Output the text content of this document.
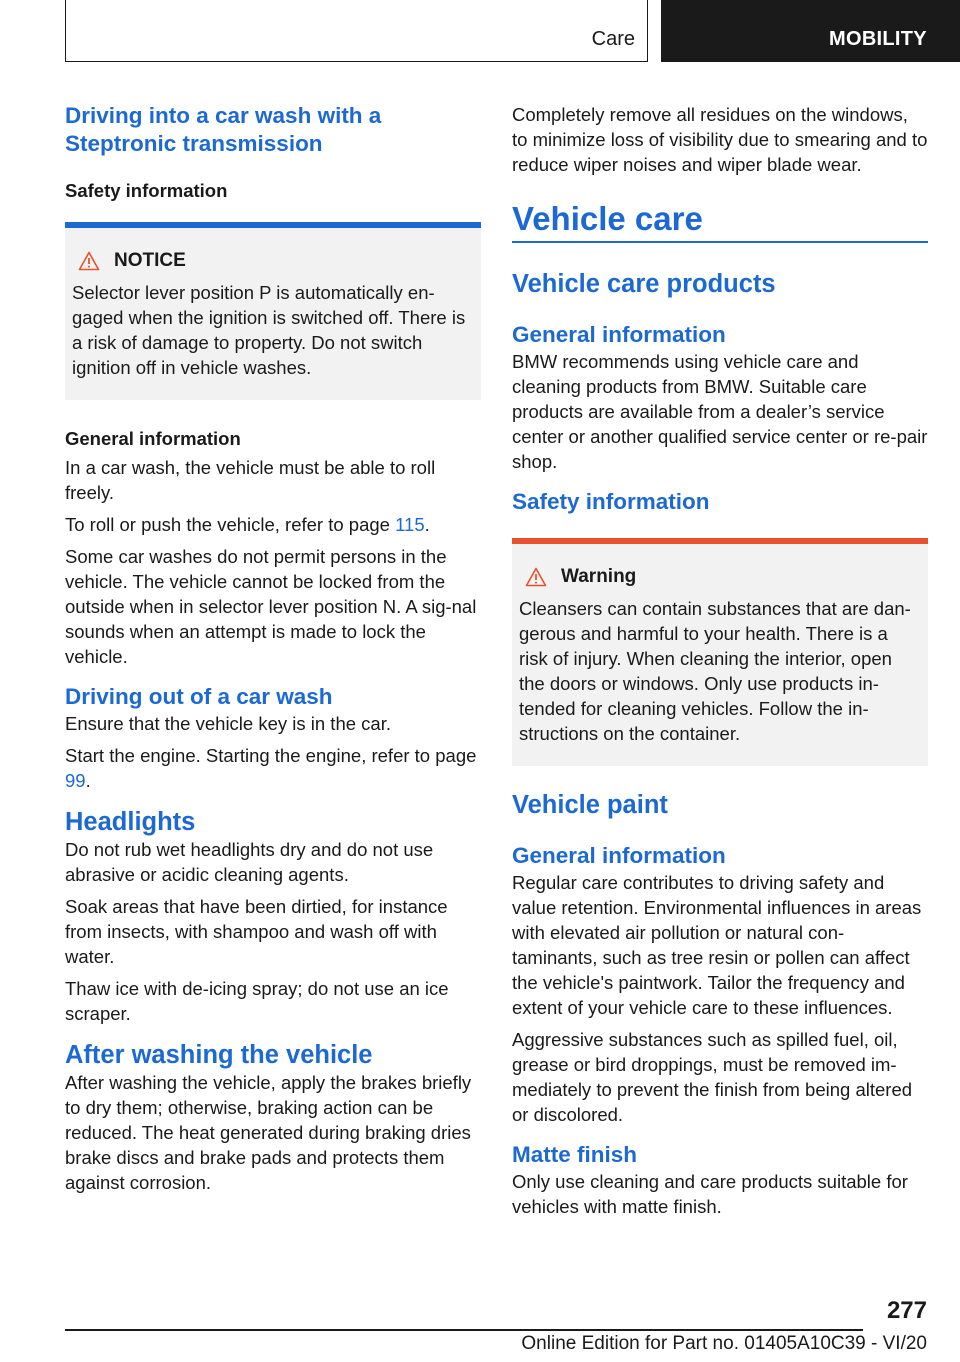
Care	MOBILITY
Driving into a car wash with a Steptronic transmission
Safety information
NOTICE

Selector lever position P is automatically en‐gaged when the ignition is switched off. There is a risk of damage to property. Do not switch ignition off in vehicle washes.

General information

In a car wash, the vehicle must be able to roll freely.

To roll or push the vehicle, refer to page 115.

Some car washes do not permit persons in the vehicle. The vehicle cannot be locked from the outside when in selector lever position N. A sig‐nal sounds when an attempt is made to lock the vehicle.

Driving out of a car wash

Ensure that the vehicle key is in the car.

Start the engine. Starting the engine, refer to page 99.

Headlights

Do not rub wet headlights dry and do not use abrasive or acidic cleaning agents.

Soak areas that have been dirtied, for instance from insects, with shampoo and wash off with water.

Thaw ice with de-icing spray; do not use an ice scraper.

After washing the vehicle

After washing the vehicle, apply the brakes briefly to dry them; otherwise, braking action can be reduced. The heat generated during braking dries brake discs and brake pads and protects them against corrosion.

Completely remove all residues on the windows, to minimize loss of visibility due to smearing and to reduce wiper noises and wiper blade wear.

Vehicle care
Vehicle care products
General information

BMW recommends using vehicle care and cleaning products from BMW. Suitable care products are available from a dealer’s service center or another qualified service center or re‐pair shop.

Safety information
Warning

Cleansers can contain substances that are dan‐gerous and harmful to your health. There is a risk of injury. When cleaning the interior, open the doors or windows. Only use products in‐tended for cleaning vehicles. Follow the in‐structions on the container.

Vehicle paint
General information

Regular care contributes to driving safety and value retention. Environmental influences in areas with elevated air pollution or natural con‐taminants, such as tree resin or pollen can affect the vehicle's paintwork. Tailor the frequency and extent of your vehicle care to these influences.

Aggressive substances such as spilled fuel, oil, grease or bird droppings, must be removed im‐mediately to prevent the finish from being altered or discolored.

Matte finish

Only use cleaning and care products suitable for vehicles with matte finish.

277
Online Edition for Part no. 01405A10C39 - VI/20
